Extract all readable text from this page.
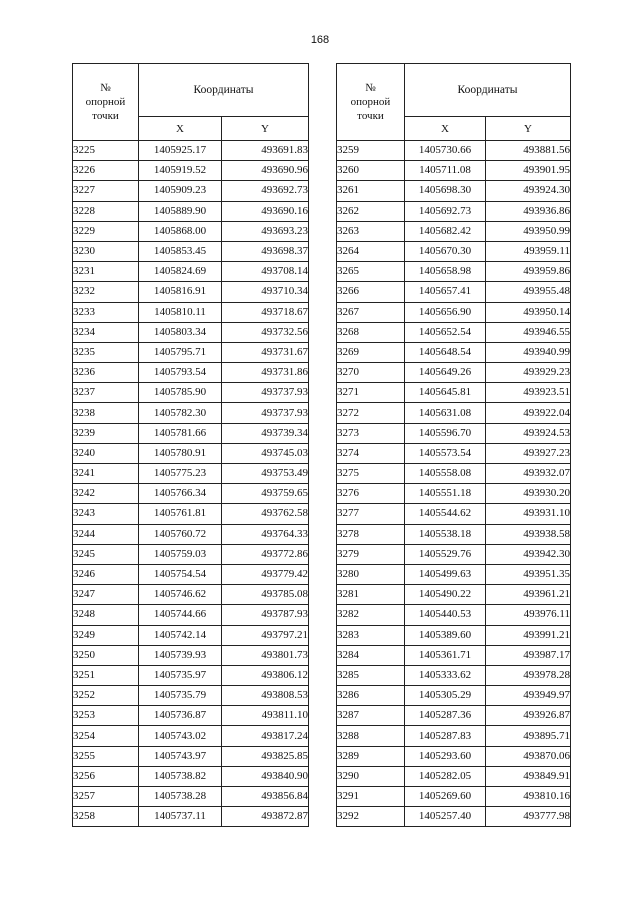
168
№
опорной
точки	Координаты	
	X	Y
3225	1405925.17	493691.83
3226	1405919.52	493690.96
3227	1405909.23	493692.73
3228	1405889.90	493690.16
3229	1405868.00	493693.23
3230	1405853.45	493698.37
3231	1405824.69	493708.14
3232	1405816.91	493710.34
3233	1405810.11	493718.67
3234	1405803.34	493732.56
3235	1405795.71	493731.67
3236	1405793.54	493731.86
3237	1405785.90	493737.93
3238	1405782.30	493737.93
3239	1405781.66	493739.34
3240	1405780.91	493745.03
3241	1405775.23	493753.49
3242	1405766.34	493759.65
3243	1405761.81	493762.58
3244	1405760.72	493764.33
3245	1405759.03	493772.86
3246	1405754.54	493779.42
3247	1405746.62	493785.08
3248	1405744.66	493787.93
3249	1405742.14	493797.21
3250	1405739.93	493801.73
3251	1405735.97	493806.12
3252	1405735.79	493808.53
3253	1405736.87	493811.10
3254	1405743.02	493817.24
3255	1405743.97	493825.85
3256	1405738.82	493840.90
3257	1405738.28	493856.84
3258	1405737.11	493872.87
№
опорной
точки	Координаты	
	X	Y
3259	1405730.66	493881.56
3260	1405711.08	493901.95
3261	1405698.30	493924.30
3262	1405692.73	493936.86
3263	1405682.42	493950.99
3264	1405670.30	493959.11
3265	1405658.98	493959.86
3266	1405657.41	493955.48
3267	1405656.90	493950.14
3268	1405652.54	493946.55
3269	1405648.54	493940.99
3270	1405649.26	493929.23
3271	1405645.81	493923.51
3272	1405631.08	493922.04
3273	1405596.70	493924.53
3274	1405573.54	493927.23
3275	1405558.08	493932.07
3276	1405551.18	493930.20
3277	1405544.62	493931.10
3278	1405538.18	493938.58
3279	1405529.76	493942.30
3280	1405499.63	493951.35
3281	1405490.22	493961.21
3282	1405440.53	493976.11
3283	1405389.60	493991.21
3284	1405361.71	493987.17
3285	1405333.62	493978.28
3286	1405305.29	493949.97
3287	1405287.36	493926.87
3288	1405287.83	493895.71
3289	1405293.60	493870.06
3290	1405282.05	493849.91
3291	1405269.60	493810.16
3292	1405257.40	493777.98
